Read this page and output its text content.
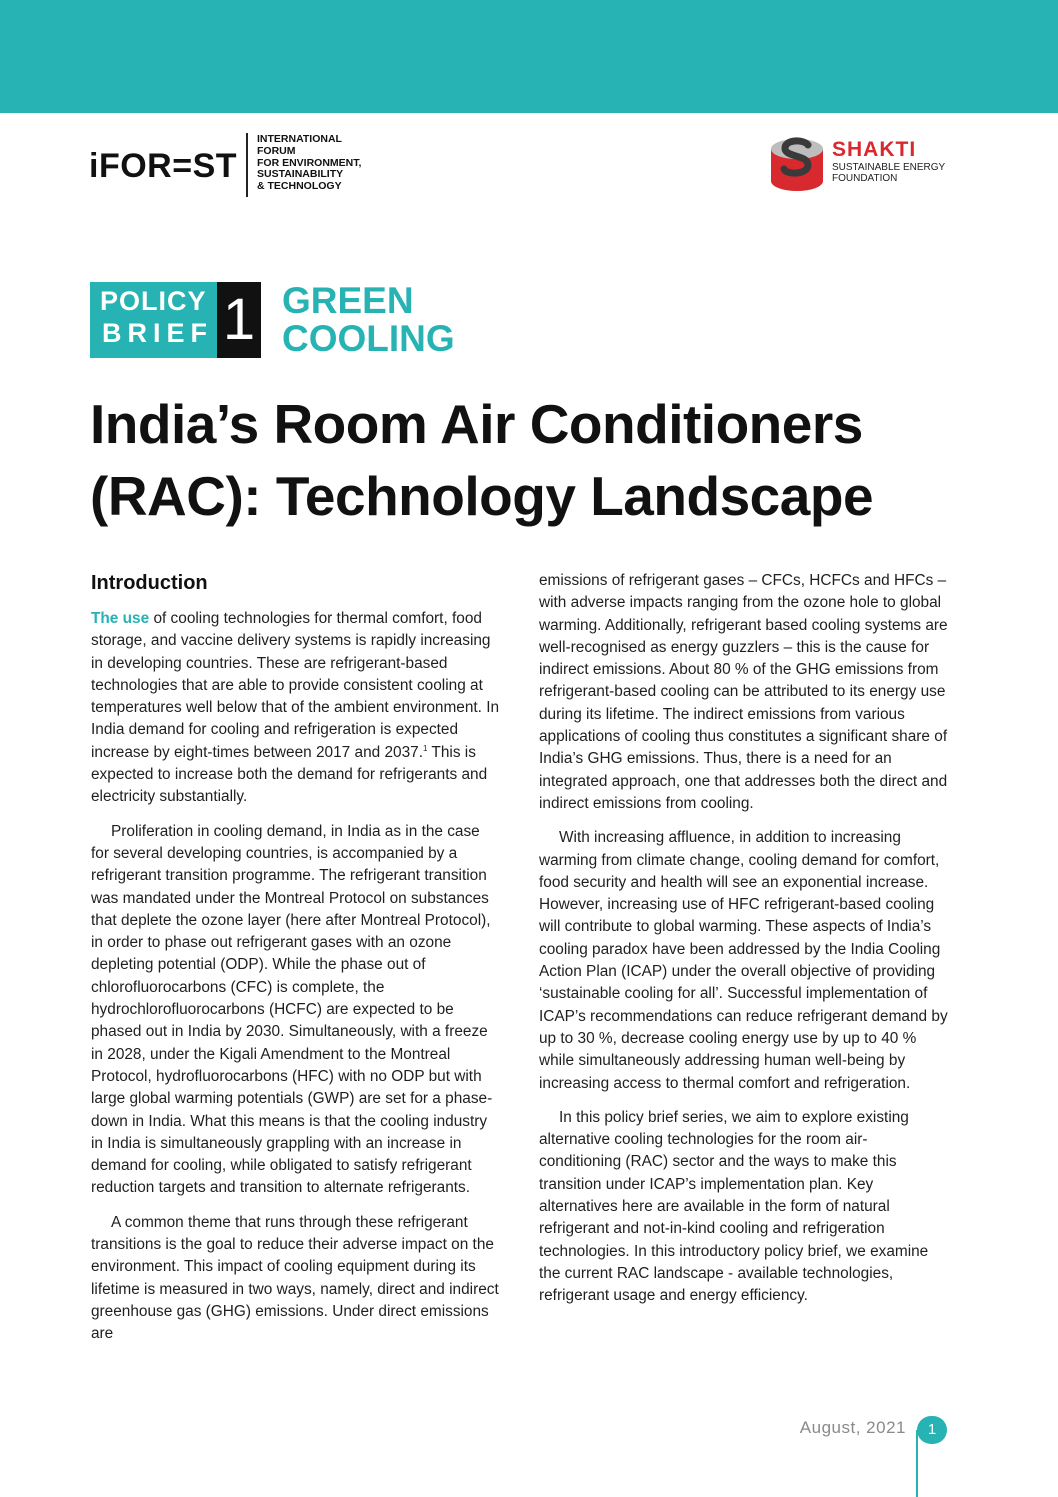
iFOR=ST
INTERNATIONAL
FORUM
FOR ENVIRONMENT,
SUSTAINABILITY
& TECHNOLOGY
SHAKTI
SUSTAINABLE ENERGY
FOUNDATION
POLICY
BRIEF 1 GREEN
COOLING
India’s Room Air Conditioners (RAC): Technology Landscape
Introduction

The use of cooling technologies for thermal comfort, food storage, and vaccine delivery systems is rapidly increasing in developing countries. These are refrigerant-based technologies that are able to provide consistent cooling at temperatures well below that of the ambient environment. In India demand for cooling and refrigeration is expected increase by eight-times between 2017 and 2037.$^1$ This is expected to increase both the demand for refrigerants and electricity substantially.

Proliferation in cooling demand, in India as in the case for several developing countries, is accompanied by a refrigerant transition programme. The refrigerant transition was mandated under the Montreal Protocol on substances that deplete the ozone layer (here after Montreal Protocol), in order to phase out refrigerant gases with an ozone depleting potential (ODP). While the phase out of chlorofluorocarbons (CFC) is complete, the hydrochlorofluorocarbons (HCFC) are expected to be phased out in India by 2030. Simultaneously, with a freeze in 2028, under the Kigali Amendment to the Montreal Protocol, hydrofluorocarbons (HFC) with no ODP but with large global warming potentials (GWP) are set for a phase-down in India. What this means is that the cooling industry in India is simultaneously grappling with an increase in demand for cooling, while obligated to satisfy refrigerant reduction targets and transition to alternate refrigerants.

A common theme that runs through these refrigerant transitions is the goal to reduce their adverse impact on the environment. This impact of cooling equipment during its lifetime is measured in two ways, namely, direct and indirect greenhouse gas (GHG) emissions. Under direct emissions are

emissions of refrigerant gases – CFCs, HCFCs and HFCs – with adverse impacts ranging from the ozone hole to global warming. Additionally, refrigerant based cooling systems are well-recognised as energy guzzlers – this is the cause for indirect emissions. About 80 % of the GHG emissions from refrigerant-based cooling can be attributed to its energy use during its lifetime. The indirect emissions from various applications of cooling thus constitutes a significant share of India’s GHG emissions. Thus, there is a need for an integrated approach, one that addresses both the direct and indirect emissions from cooling.

With increasing affluence, in addition to increasing warming from climate change, cooling demand for comfort, food security and health will see an exponential increase. However, increasing use of HFC refrigerant-based cooling will contribute to global warming. These aspects of India’s cooling paradox have been addressed by the India Cooling Action Plan (ICAP) under the overall objective of providing ‘sustainable cooling for all’. Successful implementation of ICAP’s recommendations can reduce refrigerant demand by up to 30 %, decrease cooling energy use by up to 40 % while simultaneously addressing human well-being by increasing access to thermal comfort and refrigeration.

In this policy brief series, we aim to explore existing alternative cooling technologies for the room air-conditioning (RAC) sector and the ways to make this transition under ICAP’s implementation plan. Key alternatives here are available in the form of natural refrigerant and not-in-kind cooling and refrigeration technologies. In this introductory policy brief, we examine the current RAC landscape - available technologies, refrigerant usage and energy efficiency.

August, 2021	1
